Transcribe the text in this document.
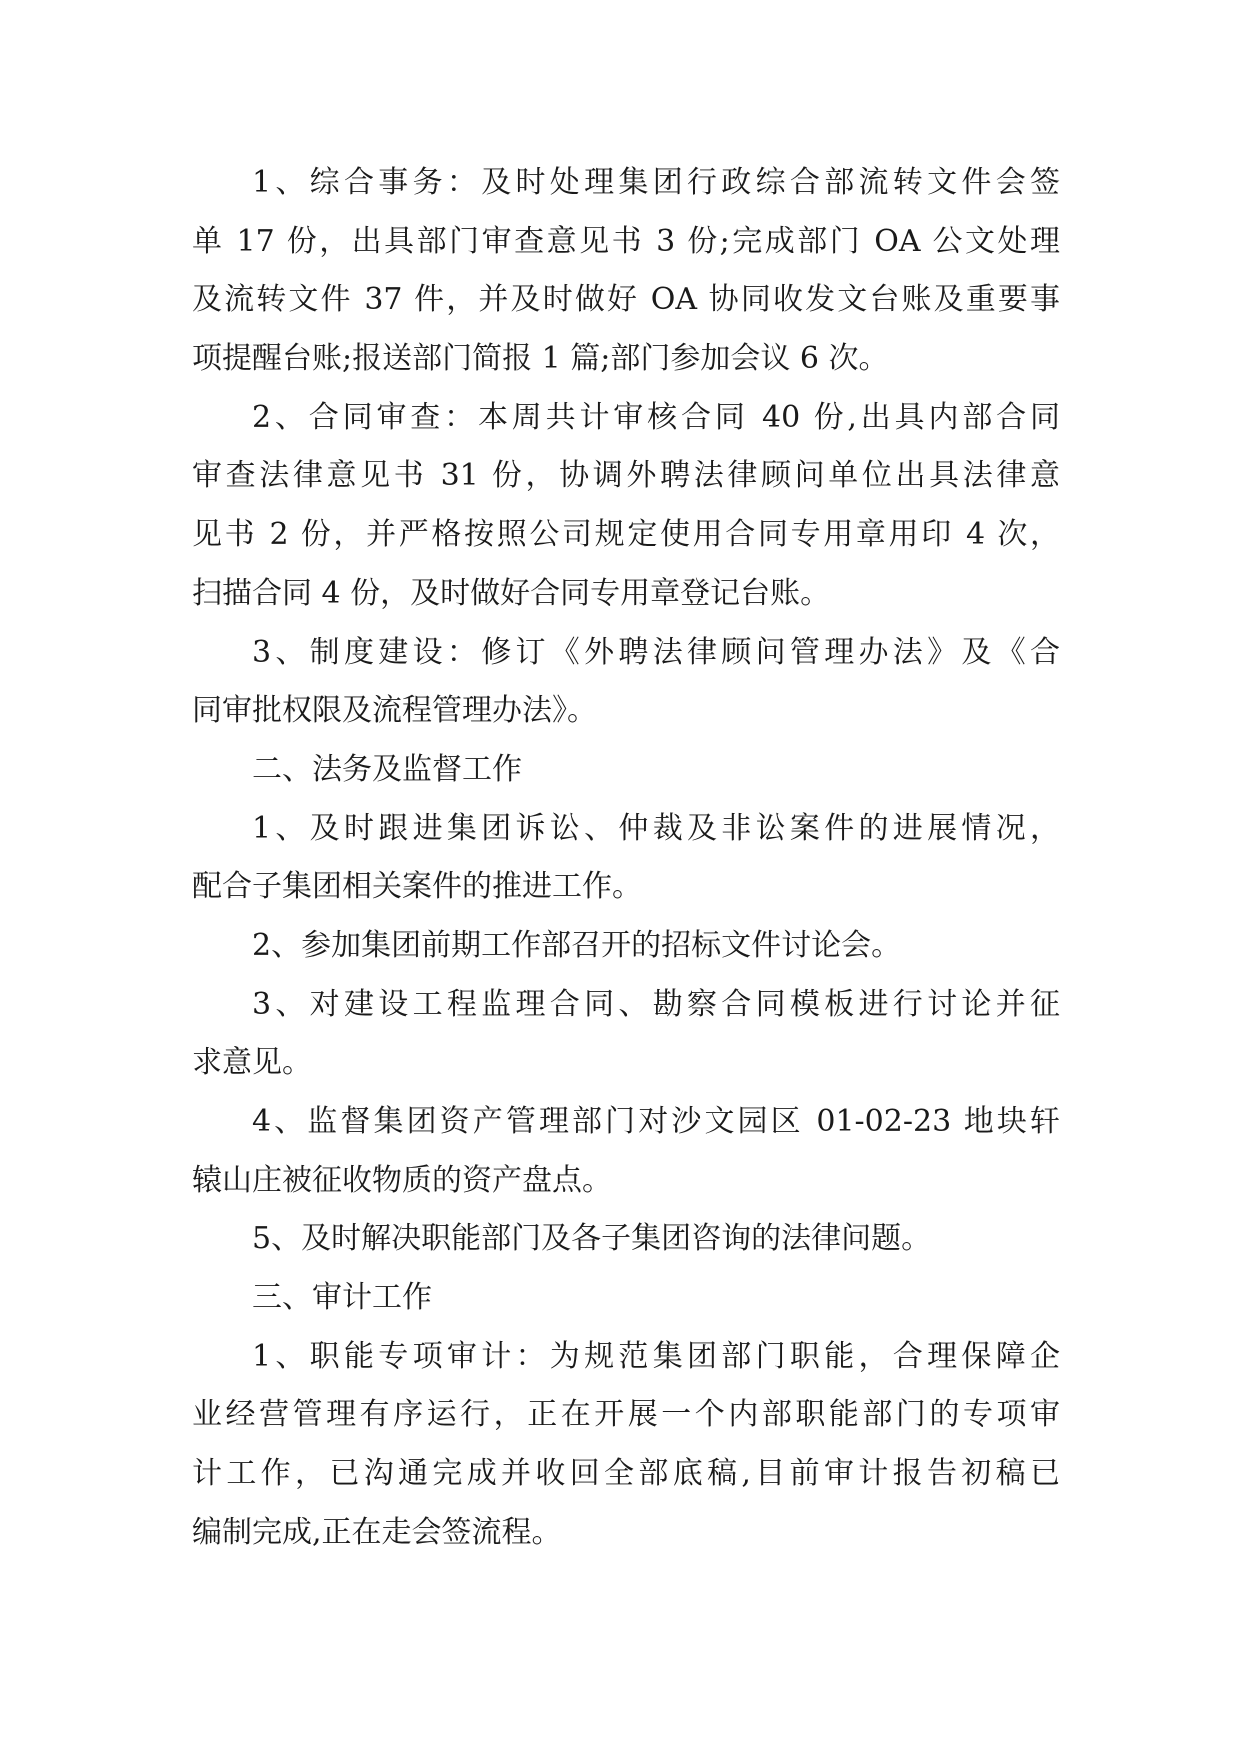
1、综合事务：及时处理集团行政综合部流转文件会签
单 17 份，出具部门审查意见书 3 份;完成部门 OA 公文处理
及流转文件 37 件，并及时做好 OA 协同收发文台账及重要事
项提醒台账;报送部门简报 1 篇;部门参加会议 6 次。
2、合同审查：本周共计审核合同 40 份,出具内部合同
审查法律意见书 31 份，协调外聘法律顾问单位出具法律意
见书 2 份，并严格按照公司规定使用合同专用章用印 4 次，
扫描合同 4 份，及时做好合同专用章登记台账。
3、制度建设：修订《外聘法律顾问管理办法》及《合
同审批权限及流程管理办法》。
二、法务及监督工作
1、及时跟进集团诉讼、仲裁及非讼案件的进展情况，
配合子集团相关案件的推进工作。
2、参加集团前期工作部召开的招标文件讨论会。
3、对建设工程监理合同、勘察合同模板进行讨论并征
求意见。
4、监督集团资产管理部门对沙文园区 01-02-23 地块轩
辕山庄被征收物质的资产盘点。
5、及时解决职能部门及各子集团咨询的法律问题。
三、审计工作
1、职能专项审计：为规范集团部门职能，合理保障企
业经营管理有序运行，正在开展一个内部职能部门的专项审
计工作，已沟通完成并收回全部底稿,目前审计报告初稿已
编制完成,正在走会签流程。
